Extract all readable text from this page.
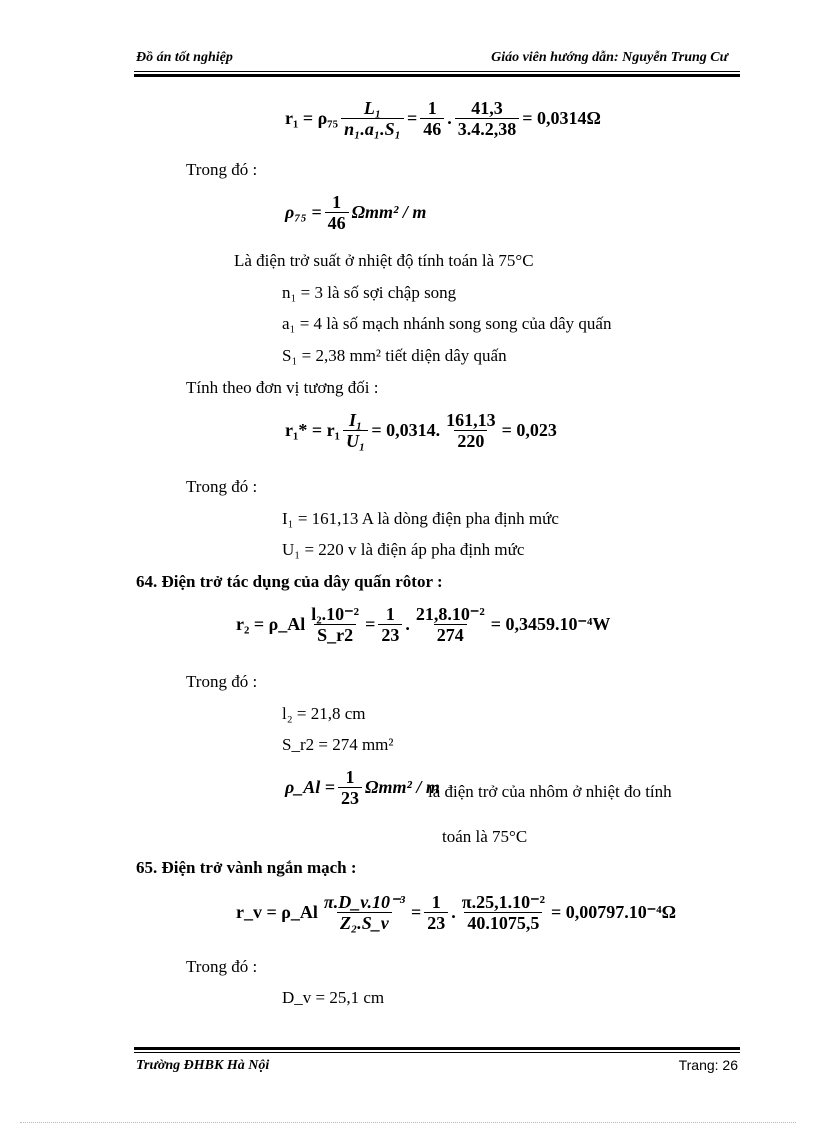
Đồ án tốt nghiệp	Giáo viên hướng dẫn: Nguyễn Trung Cư
$r_1 = \rho_{75} \frac{\text{L₁}}{\text{n₁.a₁.S₁}} = \frac{1}{46}$ . $\frac{41,3}{3.4.2,38} = 0,0314\Omega$
Trong đó :
$\rho_{75} = \frac{1}{46} \Omega mm^2 / m$
Là điện trở suất ở nhiệt độ tính toán là 75°C
n₁ = 3 là số sợi chập song
a₁ = 4 là số mạch nhánh song song của dây quấn
S₁ = 2,38 mm² tiết diện dây quấn
Tính theo đơn vị tương đối :
$r_1* = r_1 \frac{\text{I₁}}{\text{U₁}} = 0,0314$. $\frac{161,13}{220} = 0,023$
Trong đó :
I₁ = 161,13 A là dòng điện pha định mức
U₁ = 220 v là điện áp pha định mức
64. Điện trở tác dụng của dây quấn rôtor :
r₂ = ρ_Al $\frac{\text{l₂.10⁻²}}{S\_r2} = \frac{1}{23}$ . $\frac{\text{21,8.10⁻²}}{274} = 0,3459.10^{-4}W$
Trong đó :
l₂ = 21,8 cm
S_r2 = 274 mm²
ρ_Al = $\frac{1}{23} \Omega mm^2$ / m
là điện trở của nhôm ở nhiệt đo tính
toán là 75°C
65. Điện trở vành ngắn mạch :
r_v = ρ_Al $\frac{\text{π.D\_v.10⁻³}}{\text{Z₂.S\_v}} = \frac{1}{23}$ . $\frac{\text{π.25,1.10⁻²}}{40.1075,5} = 0,00797.10^{-4}\Omega$
Trong đó :
D_v = 25,1 cm
Trường ĐHBK Hà Nội	Trang: 26
